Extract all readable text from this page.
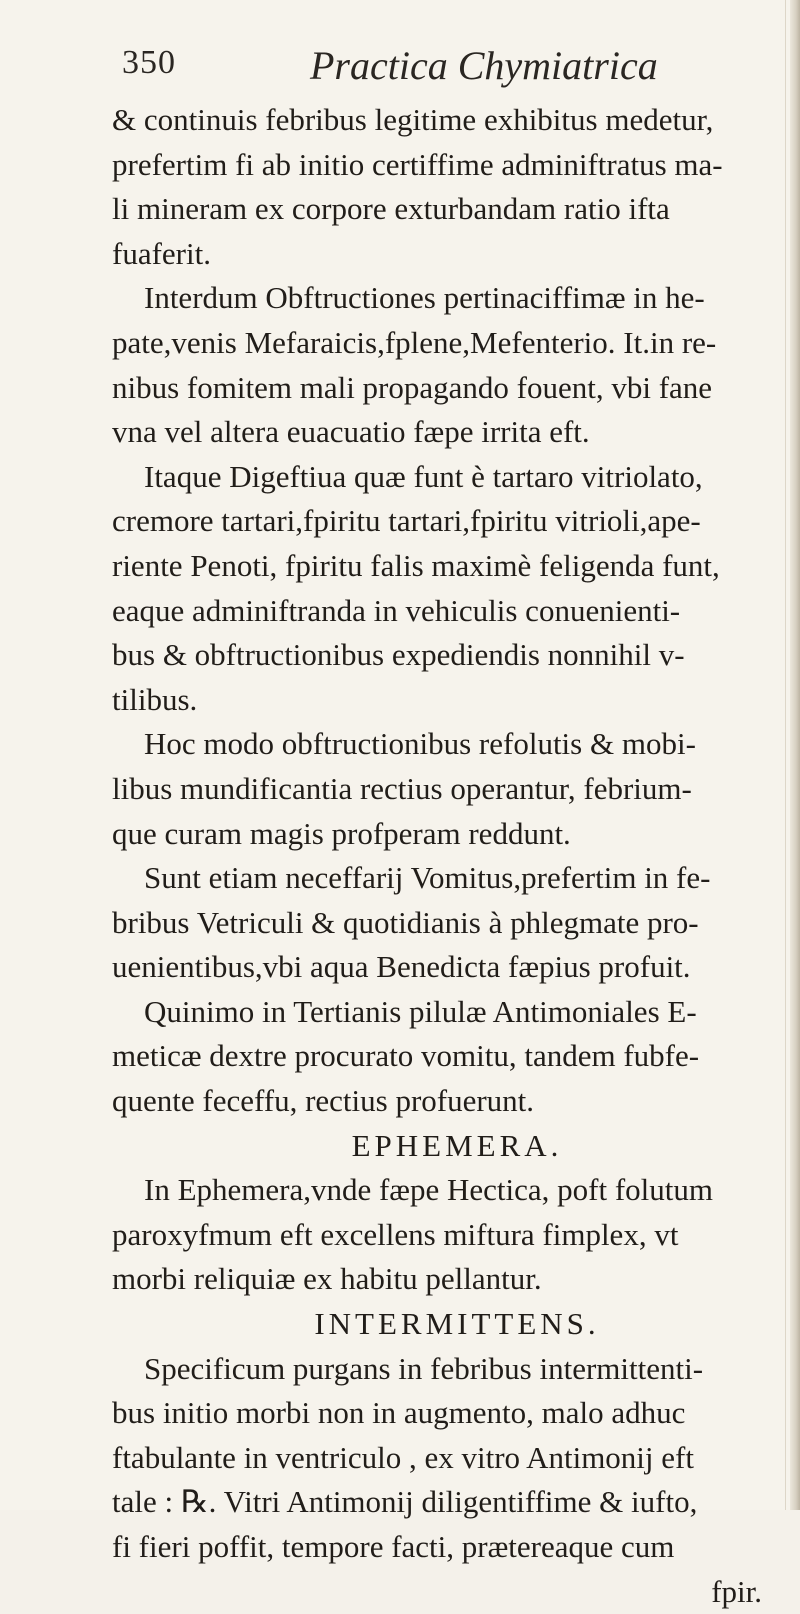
350	Practica Chymiatrica
& continuis febribus legitime exhibitus medetur,
prefertim fi ab initio certiffime adminiftratus ma-
li mineram ex corpore exturbandam ratio ifta
fuaferit.
Interdum Obftructiones pertinaciffimæ in he-
pate,venis Mefaraicis,fplene,Mefenterio. It.in re-
nibus fomitem mali propagando fouent, vbi fane
vna vel altera euacuatio fæpe irrita eft.
Itaque Digeftiua quæ funt è tartaro vitriolato,
cremore tartari,fpiritu tartari,fpiritu vitrioli,ape-
riente Penoti, fpiritu falis maximè feligenda funt,
eaque adminiftranda in vehiculis conuenienti-
bus & obftructionibus expediendis nonnihil v-
tilibus.
Hoc modo obftructionibus refolutis & mobi-
libus mundificantia rectius operantur, febrium-
que curam magis profperam reddunt.
Sunt etiam neceffarij Vomitus,prefertim in fe-
bribus Vetriculi & quotidianis à phlegmate pro-
uenientibus,vbi aqua Benedicta fæpius profuit.
Quinimo in Tertianis pilulæ Antimoniales E-
meticæ dextre procurato vomitu, tandem fubfe-
quente feceffu, rectius profuerunt.
EPHEMERA.
In Ephemera,vnde fæpe Hectica, poft folutum
paroxyfmum eft excellens miftura fimplex, vt
morbi reliquiæ ex habitu pellantur.
INTERMITTENS.
Specificum purgans in febribus intermittenti-
bus initio morbi non in augmento, malo adhuc
ftabulante in ventriculo , ex vitro Antimonij eft
tale : ℞. Vitri Antimonij diligentiffime & iufto,
fi fieri poffit, tempore facti, prætereaque cum
fpir.
